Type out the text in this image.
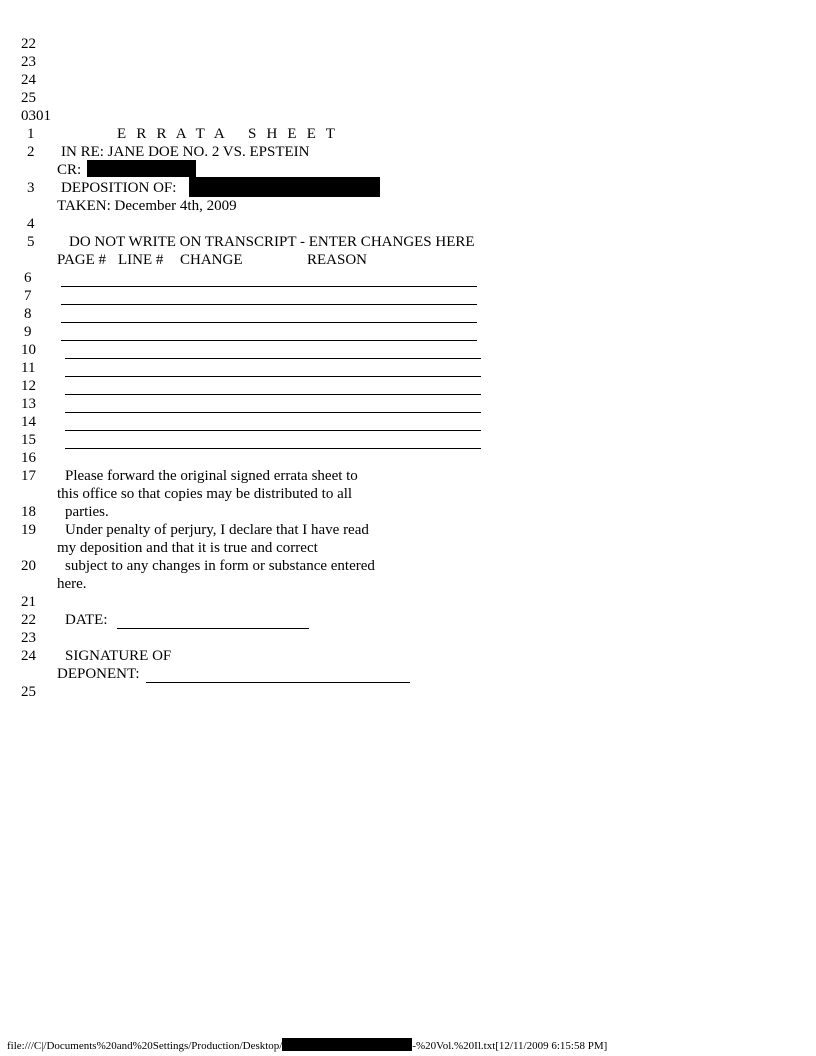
22
23
24
25
0301
1	E R R A T A   S H E E T
2 IN RE: JANE DOE NO. 2 VS. EPSTEIN
CR:
3 DEPOSITION OF:
TAKEN: December 4th, 2009
4
5 DO NOT WRITE ON TRANSCRIPT - ENTER CHANGES HERE
PAGE # LINE # CHANGE	REASON
6
7
8
9
10
11
12
13
14
15
16
17 Please forward the original signed errata sheet to
this office so that copies may be distributed to all
18 parties.
19 Under penalty of perjury, I declare that I have read
my deposition and that it is true and correct
20 subject to any changes in form or substance entered
here.
21
22 DATE:
23
24 SIGNATURE OF
DEPONENT:
25
file:///C|/Documents%20and%20Settings/Production/Desktop/	-%20Vol.%20Il.txt[12/11/2009 6:15:58 PM]
